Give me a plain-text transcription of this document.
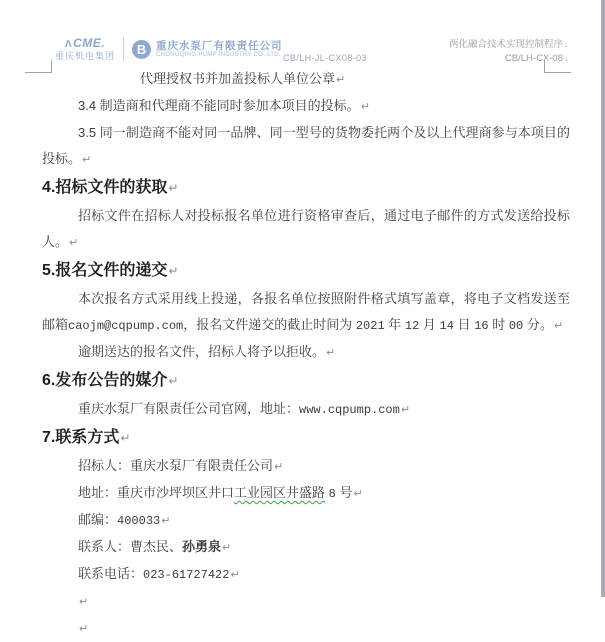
ΛCME.
重庆机电集团	B 重庆水泵厂有限责任公司
CHONGQING PUMP INDUSTRY CO.,LTD. CB/LH-JL-CX08-03
两化融合技术实现控制程序↓
CB/LH-CX-08↓
代理授权书并加盖投标人单位公章↵
3.4 制造商和代理商不能同时参加本项目的投标。↵
3.5 同一制造商不能对同一品牌、同一型号的货物委托两个及以上代理商参与本项目的投标。↵
4.招标文件的获取↵
招标文件在招标人对投标报名单位进行资格审查后，通过电子邮件的方式发送给投标人。↵
5.报名文件的递交↵
本次报名方式采用线上投递，各报名单位按照附件格式填写盖章，将电子文档发送至邮箱caojm@cqpump.com，报名文件递交的截止时间为 2021 年 12 月 14 日 16 时 00 分。↵
逾期送达的报名文件，招标人将予以拒收。↵
6.发布公告的媒介↵
重庆水泵厂有限责任公司官网，地址：www.cqpump.com↵
7.联系方式↵
招标人：重庆水泵厂有限责任公司↵
地址：重庆市沙坪坝区井口工业园区井盛路 8 号↵
邮编：400033↵
联系人：曹杰民、孙勇泉↵
联系电话：023-61727422↵
↵
↵
